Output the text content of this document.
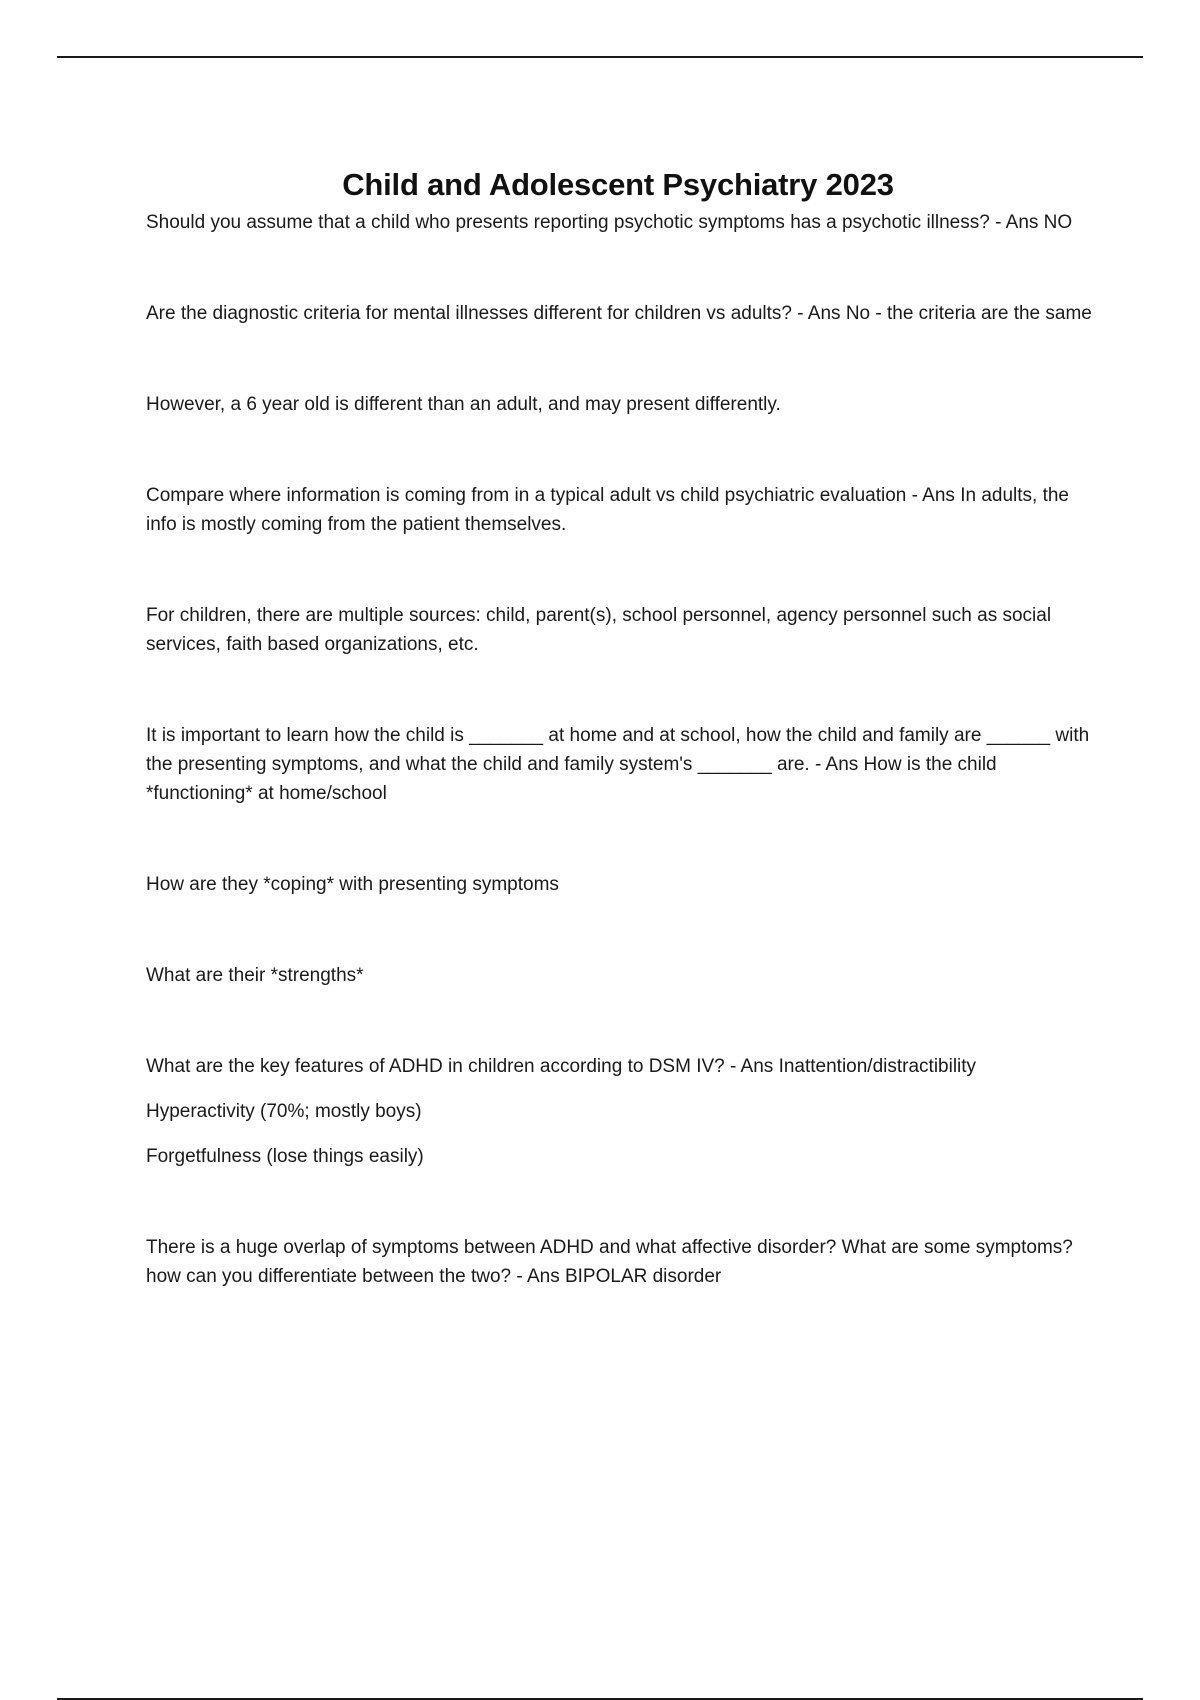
Child and Adolescent Psychiatry 2023

Should you assume that a child who presents reporting psychotic symptoms has a psychotic illness? - Ans NO

Are the diagnostic criteria for mental illnesses different for children vs adults? - Ans No - the criteria are the same

However, a 6 year old is different than an adult, and may present differently.

Compare where information is coming from in a typical adult vs child psychiatric evaluation - Ans In adults, the info is mostly coming from the patient themselves.

For children, there are multiple sources: child, parent(s), school personnel, agency personnel such as social services, faith based organizations, etc.

It is important to learn how the child is _______ at home and at school, how the child and family are ______ with the presenting symptoms, and what the child and family system's _______ are. - Ans How is the child *functioning* at home/school

How are they *coping* with presenting symptoms

What are their *strengths*

What are the key features of ADHD in children according to DSM IV? - Ans Inattention/distractibility

Hyperactivity (70%; mostly boys)

Forgetfulness (lose things easily)

There is a huge overlap of symptoms between ADHD and what affective disorder? What are some symptoms? how can you differentiate between the two? - Ans BIPOLAR disorder
